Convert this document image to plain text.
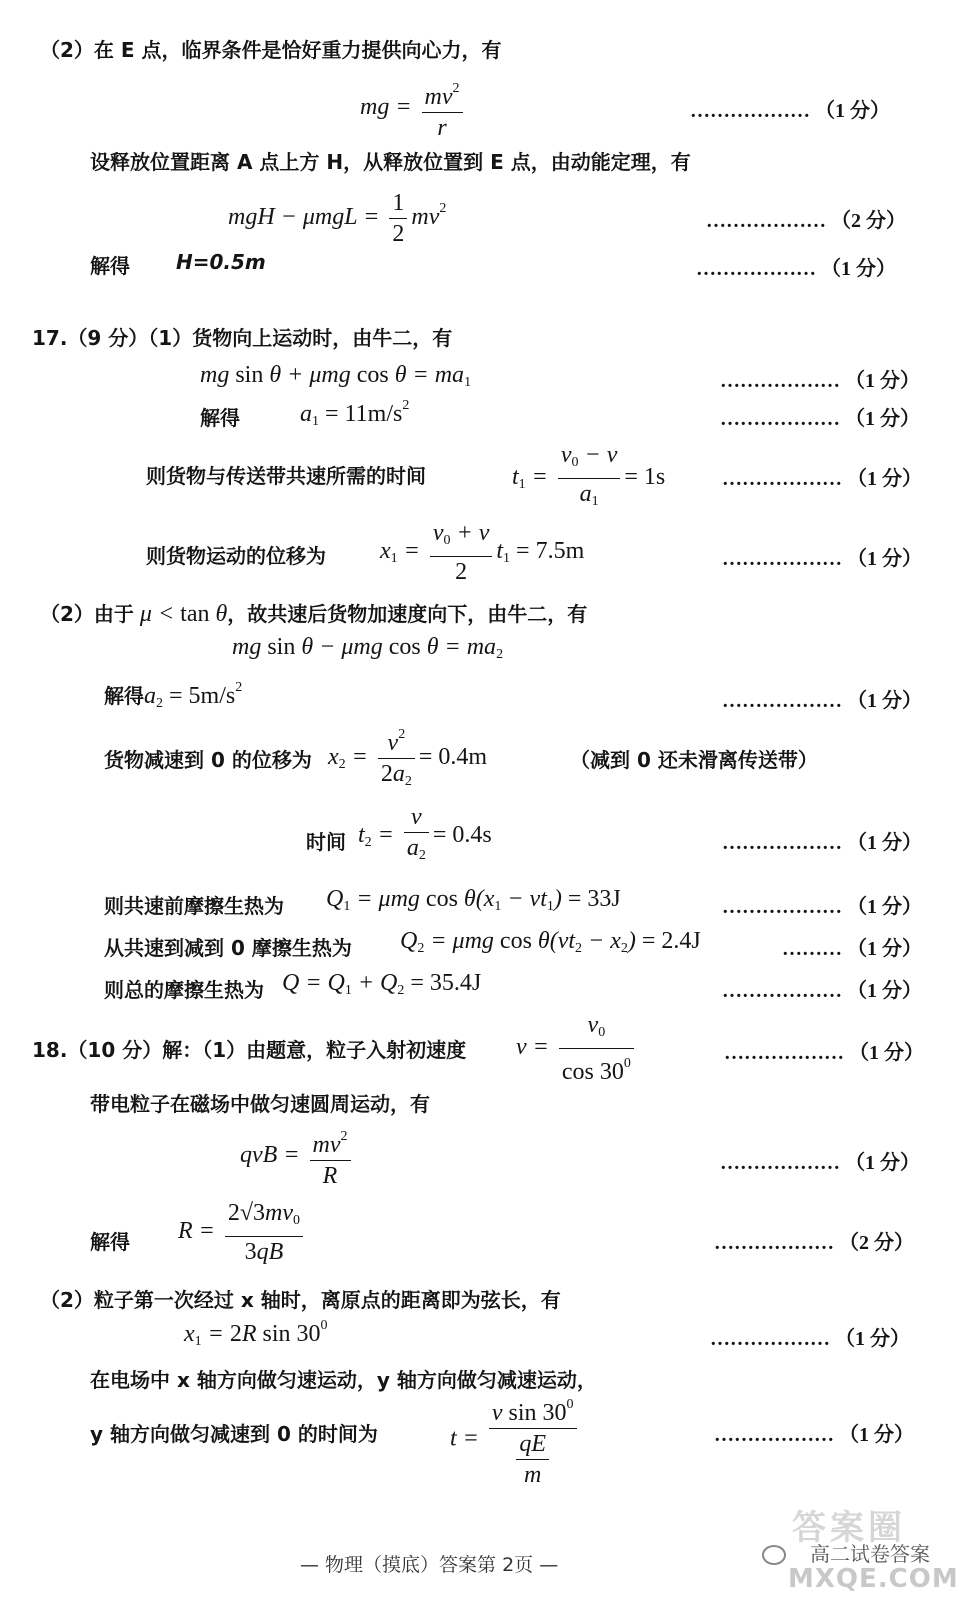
（2）在 E 点，临界条件是恰好重力提供向心力，有
mg = $\frac{mv^2}{r}$	……………… （1 分）
设释放位置距离 A 点上方 H，从释放位置到 E 点，由动能定理，有
mgH − $\mu mgL = \frac{1}{2} mv^2$
……………… （2 分）
解得 H=0.5m	……………… （1 分）
17.（9 分）（1）货物向上运动时，由牛二，有
mg sin θ + μmg $\cos \theta = ma_1$	……………… （1 分）
解得	$a_1 = 11m/s^2$
……………… （1 分）
则货物与传送带共速所需的时间	$t_1 = \frac{v_0 - v}{a_1} = 1s$	……………… （1 分）
则货物运动的位移为 $x_1 = \frac{v_0 + v}{2} t_1 = 7.5m$	……………… （1 分）
（2）由于 μ < tan θ，故共速后货物加速度向下，由牛二，有
mg sin θ − μmg $\cos \theta = ma_2$
解得$a_2 = 5m/s^2$
……………… （1 分）
货物减速到 0 的位移为 $x_2 = \frac{v^2}{2a_2} = 0.4m$	（减到 0 还未滑离传送带）
时间 $t_2 = \frac{v}{a_2} = 0.4s$	……………… （1 分）
则共速前摩擦生热为 $Q_1 = \mu mg$ $\cos \theta(x_1 - vt_1) = 33J$	……………… （1 分）
从共速到减到 0 摩擦生热为 $Q_2 = \mu mg$ $\cos \theta(vt_2 - x_2) = 2.4J$	……… （1 分）
则总的摩擦生热为 $Q = Q_1 + Q_2 = 35.4J$	……………… （1 分）
18.（10 分）解：（1）由题意，粒子入射初速度 $v = \frac{v_0}{\cos 30^0}$	……………… （1 分）
带电粒子在磁场中做匀速圆周运动，有
qvB = $\frac{mv^2}{R}$	……………… （1 分）
解得 $R = \frac{2√3mv_0}{3qB}$	……………… （2 分）
（2）粒子第一次经过 x 轴时，离原点的距离即为弦长，有
$x_1 = 2R$ $\sin 30^0$
……………… （1 分）
在电场中 x 轴方向做匀速运动，y 轴方向做匀减速运动，
y 轴方向做匀减速到 0 的时间为	$t = \frac{v \sin 30^0}{\frac{qE}{m}}$	……………… （1 分）
— 物理（摸底）答案第 2页 —
答案圈
高二试卷答案
MXQE.COM
